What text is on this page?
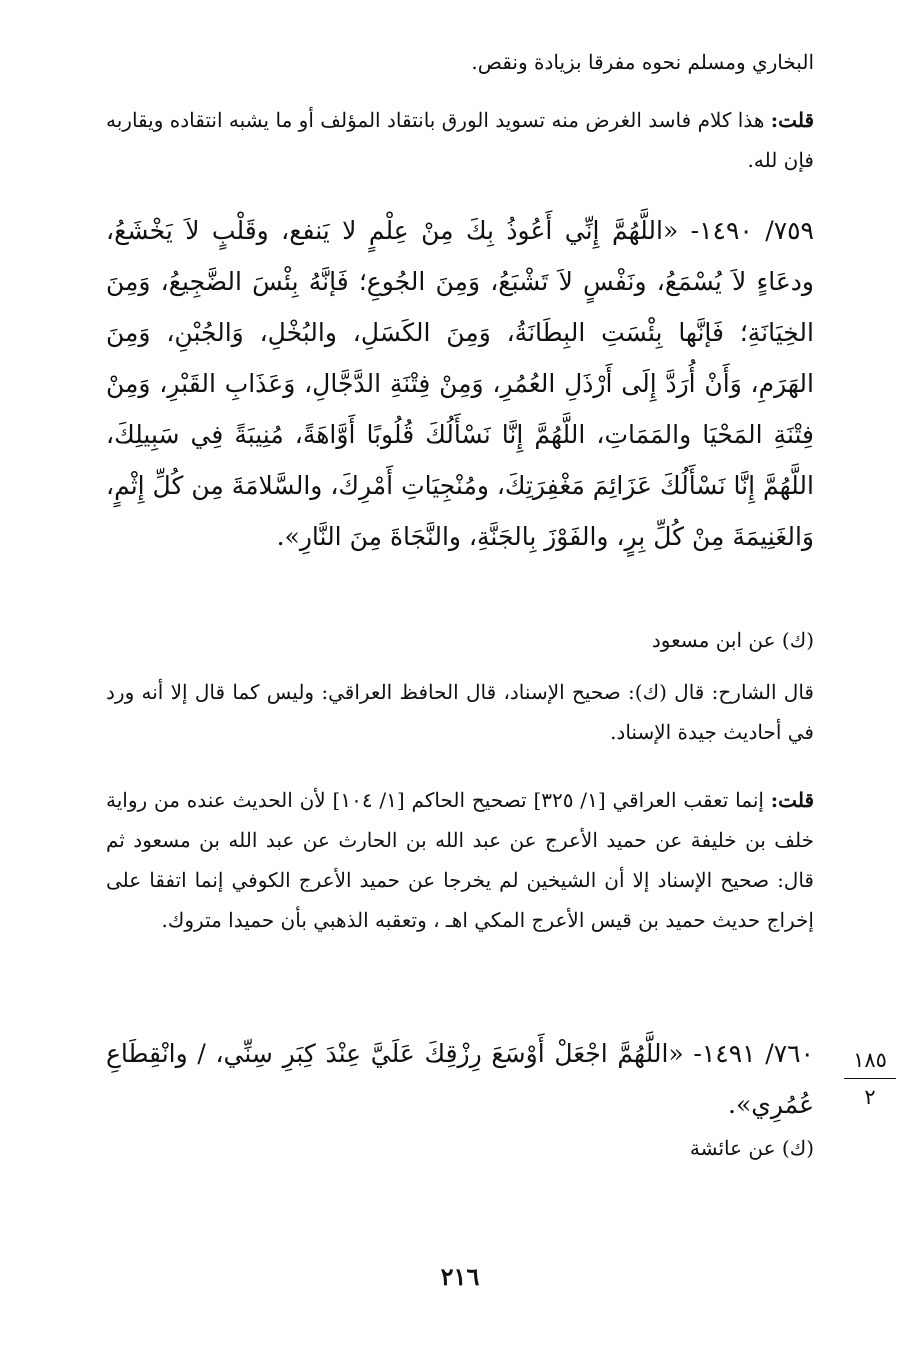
البخاري ومسلم نحوه مفرقا بزيادة ونقص.

قلت: هذا كلام فاسد الغرض منه تسويد الورق بانتقاد المؤلف أو ما يشبه انتقاده ويقاربه فإن لله.

٧٥٩/ ١٤٩٠- «اللَّهُمَّ إِنِّي أَعُوذُ بِكَ مِنْ عِلْمٍ لا يَنفع، وقَلْبٍ لاَ يَخْشَعُ، ودعَاءٍ لاَ يُسْمَعُ، ونَفْسٍ لاَ تَشْبَعُ، وَمِنَ الجُوعِ؛ فَإنَّهُ بِئْسَ الضَّجِيعُ، وَمِنَ الخِيَانَةِ؛ فَإنَّها بِئْسَتِ البِطَانَةُ، وَمِنَ الكَسَلِ، والبُخْلِ، وَالجُبْنِ، وَمِنَ الهَرَمِ، وَأَنْ أُرَدَّ إِلَى أَرْذَلِ العُمُرِ، وَمِنْ فِتْنَةِ الدَّجَّالِ، وَعَذَابِ القَبْرِ، وَمِنْ فِتْنَةِ المَحْيَا والمَمَاتِ، اللَّهُمَّ إِنَّا نَسْأَلُكَ قُلُوبًا أَوَّاهَةً، مُنِيبَةً فِي سَبِيلِكَ، اللَّهُمَّ إِنَّا نَسْأَلُكَ عَزَائِمَ مَغْفِرَتِكَ، ومُنْجِيَاتِ أَمْرِكَ، والسَّلامَةَ مِن كُلِّ إِثْمٍ، وَالغَنِيمَةَ مِنْ كُلِّ بِرٍ، والفَوْزَ بِالجَنَّةِ، والنَّجَاةَ مِنَ النَّارِ».

(ك) عن ابن مسعود

قال الشارح: قال (ك): صحيح الإسناد، قال الحافظ العراقي: وليس كما قال إلا أنه ورد في أحاديث جيدة الإسناد.

قلت: إنما تعقب العراقي [١/ ٣٢٥] تصحيح الحاكم [١/ ١٠٤] لأن الحديث عنده من رواية خلف بن خليفة عن حميد الأعرج عن عبد الله بن الحارث عن عبد الله بن مسعود ثم قال: صحيح الإسناد إلا أن الشيخين لم يخرجا عن حميد الأعرج الكوفي إنما اتفقا على إخراج حديث حميد بن قيس الأعرج المكي اهـ ، وتعقبه الذهبي بأن حميدا متروك.

٧٦٠/ ١٤٩١- «اللَّهُمَّ اجْعَلْ أَوْسَعَ رِزْقِكَ عَلَيَّ عِنْدَ كِبَرِ سِنِّي، / وانْقِطَاعِ عُمُرِي».

(ك) عن عائشة

١٨٥
٢
٢١٦
